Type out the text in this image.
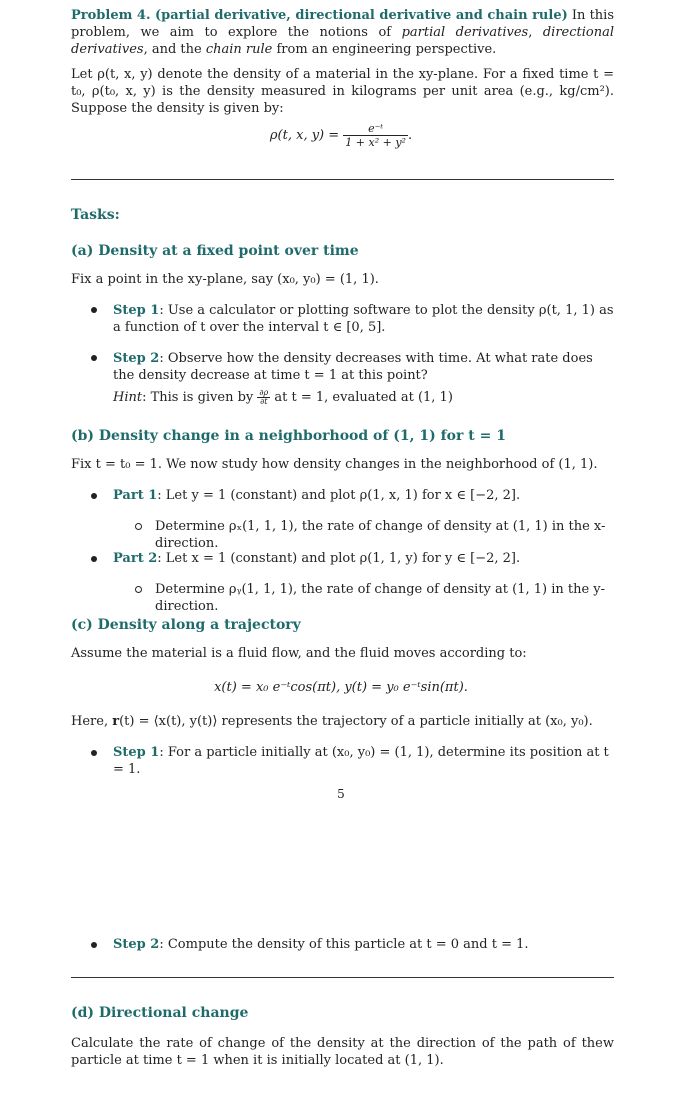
Problem 4. (partial derivative, directional derivative and chain rule) In this problem, we aim to explore the notions of partial derivatives, directional derivatives, and the chain rule from an engineering perspective.
Let ρ(t, x, y) denote the density of a material in the xy-plane. For a fixed time t = t₀, ρ(t₀, x, y) is the density measured in kilograms per unit area (e.g., kg/cm²). Suppose the density is given by:
ρ(t, x, $y) = \frac{\text{e⁻ᵗ}}{\text{1 + x² + y²}}$ .
Tasks:
(a) Density at a fixed point over time
Fix a point in the xy-plane, say (x₀, y₀) = (1, 1).
Step 1: Use a calculator or plotting software to plot the density ρ(t, 1, 1) as a function of t over the interval t ∈ [0, 5].
Step 2: Observe how the density decreases with time. At what rate does the density decrease at time t = 1 at this point?
Hint: This is given by $\frac{\partial\rho}{\partial t}$ at t = 1, evaluated at (1, 1)
(b) Density change in a neighborhood of (1, 1) for t = 1
Fix t = t₀ = 1. We now study how density changes in the neighborhood of (1, 1).
Part 1: Let y = 1 (constant) and plot ρ(1, x, 1) for x ∈ [−2, 2].
Determine ρₓ(1, 1, 1), the rate of change of density at (1, 1) in the x-direction.
Part 2: Let x = 1 (constant) and plot ρ(1, 1, y) for y ∈ [−2, 2].
Determine ρᵧ(1, 1, 1), the rate of change of density at (1, 1) in the y-direction.
(c) Density along a trajectory
Assume the material is a fluid flow, and the fluid moves according to:
x(t) = x₀ e⁻ᵗcos(πt), y(t) = y₀ e⁻ᵗsin(πt).
Here, r(t) = ⟨x(t), y(t)⟩ represents the trajectory of a particle initially at (x₀, y₀).
Step 1: For a particle initially at (x₀, y₀) = (1, 1), determine its position at t = 1.
5
Step 2: Compute the density of this particle at t = 0 and t = 1.
(d) Directional change
Calculate the rate of change of the density at the direction of the path of thew particle at time t = 1 when it is initially located at (1, 1).
